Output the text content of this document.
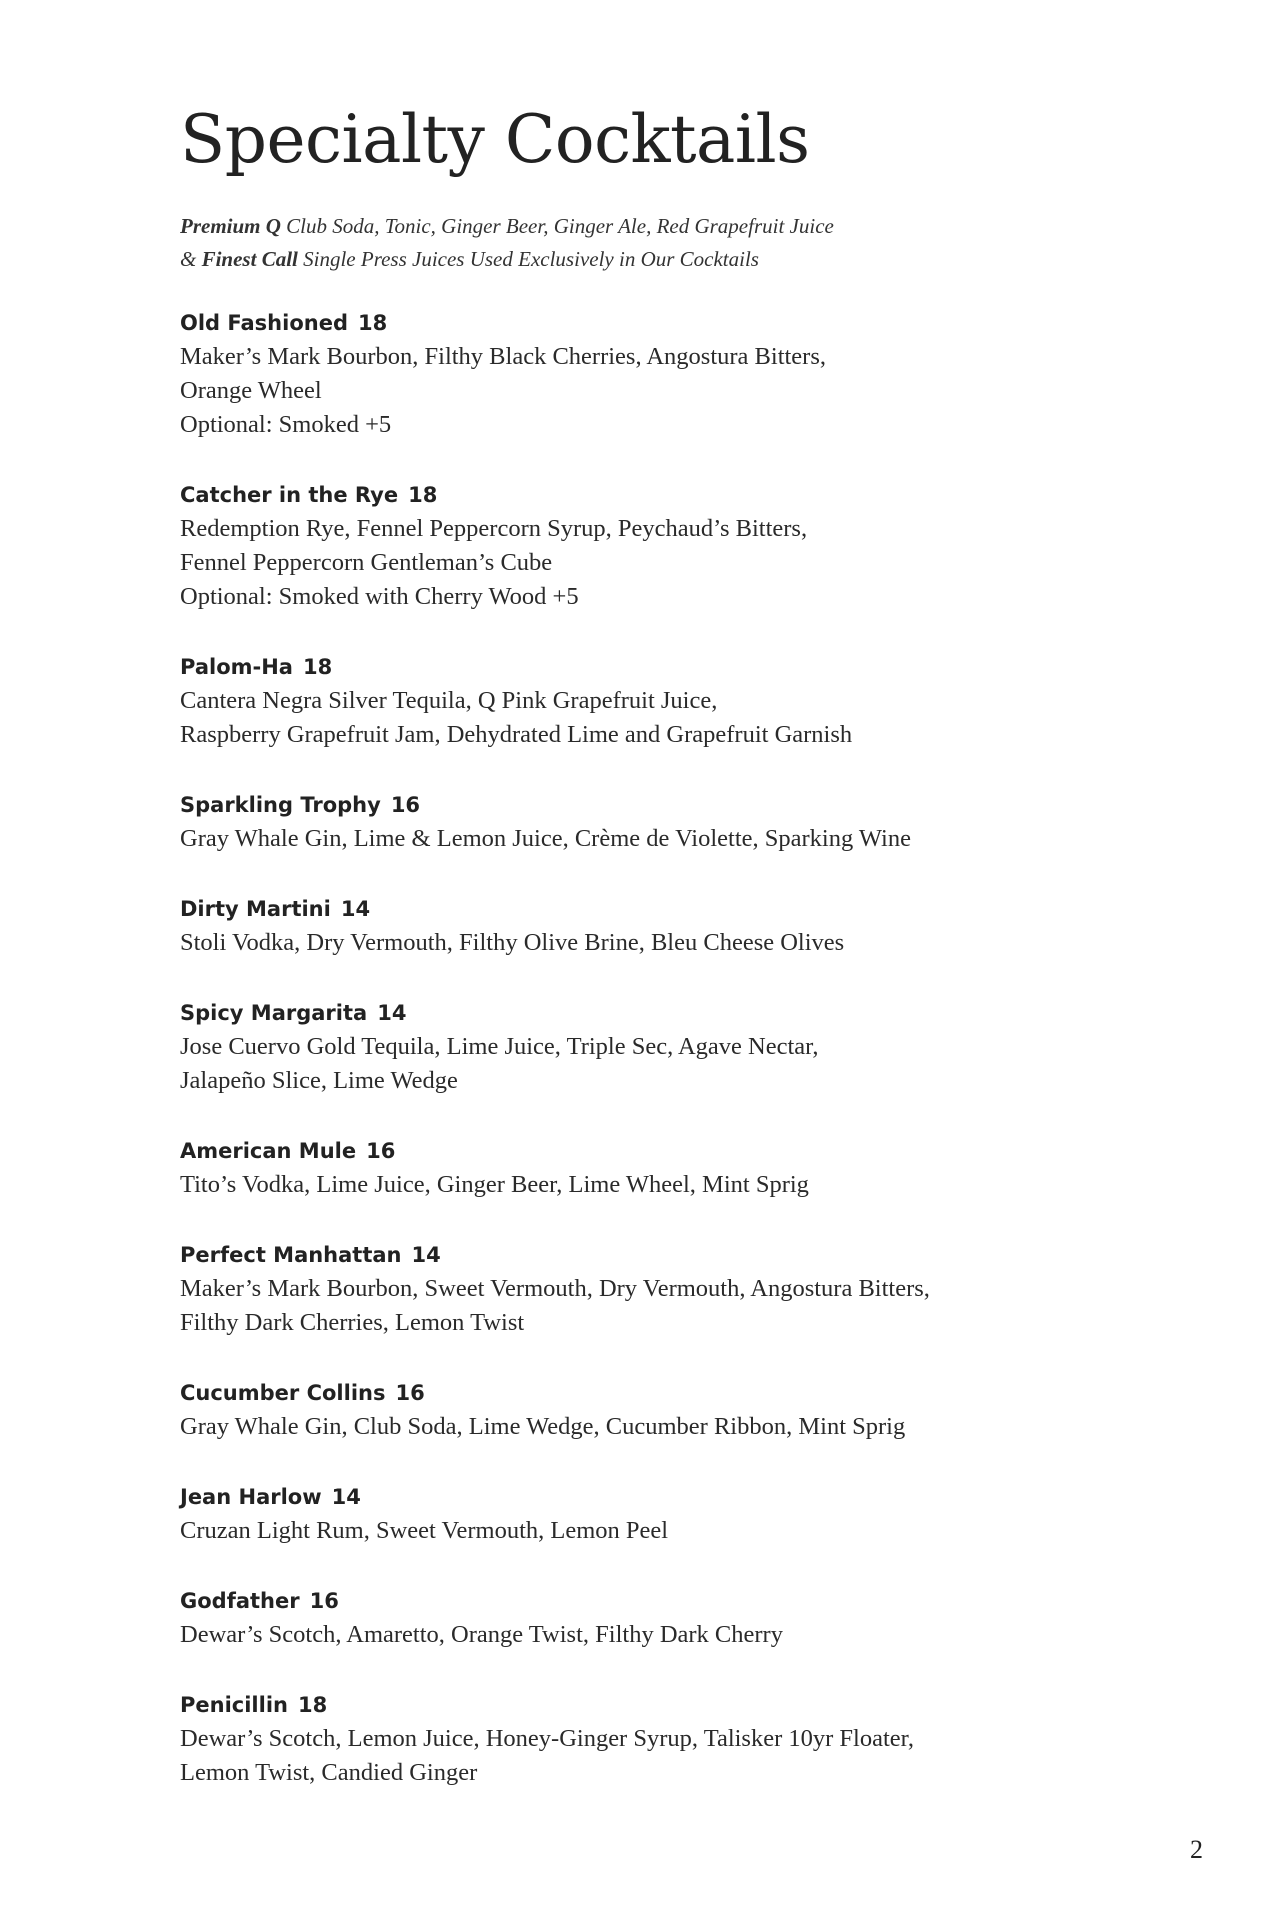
Specialty Cocktails
Premium Q Club Soda, Tonic, Ginger Beer, Ginger Ale, Red Grapefruit Juice
& Finest Call Single Press Juices Used Exclusively in Our Cocktails
Old Fashioned 18
Maker’s Mark Bourbon, Filthy Black Cherries, Angostura Bitters,
Orange Wheel
Optional: Smoked +5
Catcher in the Rye 18
Redemption Rye, Fennel Peppercorn Syrup, Peychaud’s Bitters,
Fennel Peppercorn Gentleman’s Cube
Optional: Smoked with Cherry Wood +5
Palom-Ha 18
Cantera Negra Silver Tequila, Q Pink Grapefruit Juice,
Raspberry Grapefruit Jam, Dehydrated Lime and Grapefruit Garnish
Sparkling Trophy 16
Gray Whale Gin, Lime & Lemon Juice, Crème de Violette, Sparking Wine
Dirty Martini 14
Stoli Vodka, Dry Vermouth, Filthy Olive Brine, Bleu Cheese Olives
Spicy Margarita 14
Jose Cuervo Gold Tequila, Lime Juice, Triple Sec, Agave Nectar,
Jalapeño Slice, Lime Wedge
American Mule 16
Tito’s Vodka, Lime Juice, Ginger Beer, Lime Wheel, Mint Sprig
Perfect Manhattan 14
Maker’s Mark Bourbon, Sweet Vermouth, Dry Vermouth, Angostura Bitters,
Filthy Dark Cherries, Lemon Twist
Cucumber Collins 16
Gray Whale Gin, Club Soda, Lime Wedge, Cucumber Ribbon, Mint Sprig
Jean Harlow 14
Cruzan Light Rum, Sweet Vermouth, Lemon Peel
Godfather 16
Dewar’s Scotch, Amaretto, Orange Twist, Filthy Dark Cherry
Penicillin 18
Dewar’s Scotch, Lemon Juice, Honey-Ginger Syrup, Talisker 10yr Floater,
Lemon Twist, Candied Ginger
2
